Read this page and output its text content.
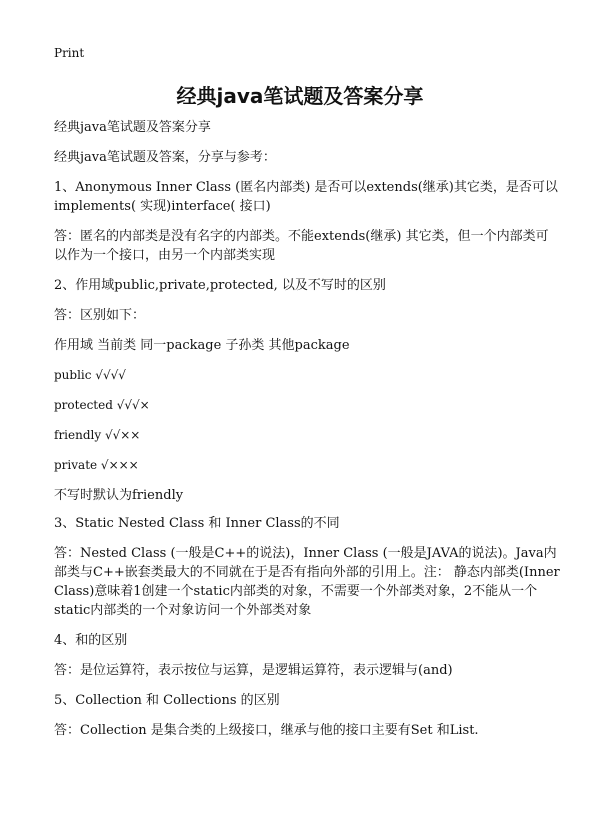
Print
经典java笔试题及答案分享

经典java笔试题及答案分享

经典java笔试题及答案，分享与参考：

1、Anonymous Inner Class (匿名内部类) 是否可以extends(继承)其它类，是否可以implements( 实现)interface( 接口)

答：匿名的内部类是没有名字的内部类。不能extends(继承) 其它类，但一个内部类可以作为一个接口，由另一个内部类实现

2、作用域public,private,protected, 以及不写时的区别

答：区别如下：

作用域 当前类 同一package 子孙类 其他package

public √√√√

protected √√√×

friendly √√××

private √×××

不写时默认为friendly

3、Static Nested Class 和 Inner Class的不同

答：Nested Class (一般是C++的说法)，Inner Class (一般是JAVA的说法)。Java内部类与C++嵌套类最大的不同就在于是否有指向外部的引用上。注： 静态内部类(Inner Class)意味着1创建一个static内部类的对象，不需要一个外部类对象，2不能从一个static内部类的一个对象访问一个外部类对象

4、和的区别

答：是位运算符，表示按位与运算，是逻辑运算符，表示逻辑与(and)

5、Collection 和 Collections 的区别

答：Collection 是集合类的上级接口，继承与他的接口主要有Set 和List.
